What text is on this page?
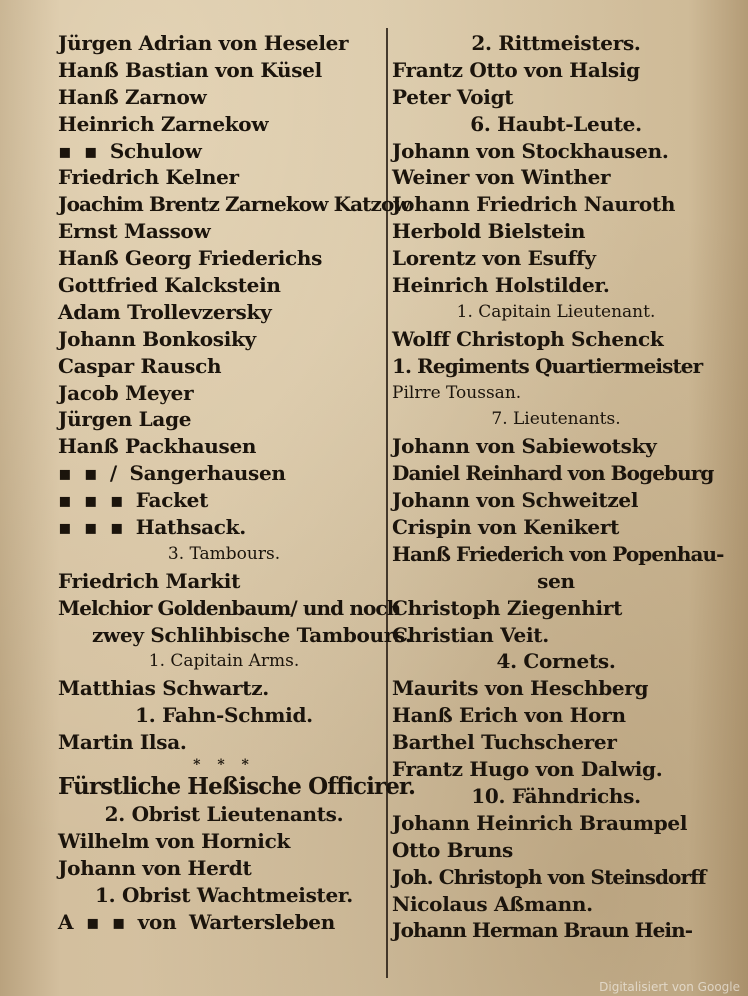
Jürgen Adrian von Heseler
Hanß Bastian von Küsel
Hanß Zarnow
Heinrich Zarnekow
▪ ▪ Schulow
Friedrich Kelner
Joachim Brentz Zarnekow Katzow
Ernst Massow
Hanß Georg Friederichs
Gottfried Kalckstein
Adam Trollevzersky
Johann Bonkosiky
Caspar Rausch
Jacob Meyer
Jürgen Lage
Hanß Packhausen
▪ ▪ / Sangerhausen
▪ ▪ ▪ Facket
▪ ▪ ▪ Hathsack.
3. Tambours.
Friedrich Markit
Melchior Goldenbaum/ und noch
zwey Schlihbische Tambours.
1. Capitain Arms.
Matthias Schwartz.
1. Fahn-Schmid.
Martin Ilsa.
* * *
Fürstliche Heßische Officirer.
2. Obrist Lieutenants.
Wilhelm von Hornick
Johann von Herdt
1. Obrist Wachtmeister.
A ▪ ▪ von Wartersleben
2. Rittmeisters.
Frantz Otto von Halsig
Peter Voigt
6. Haubt-Leute.
Johann von Stockhausen.
Weiner von Winther
Johann Friedrich Nauroth
Herbold Bielstein
Lorentz von Esuffy
Heinrich Holstilder.
1. Capitain Lieutenant.
Wolff Christoph Schenck
1. Regiments Quartiermeister
Pilrre Toussan.
7. Lieutenants.
Johann von Sabiewotsky
Daniel Reinhard von Bogeburg
Johann von Schweitzel
Crispin von Kenikert
Hanß Friederich von Popenhau-
sen
Christoph Ziegenhirt
Christian Veit.
4. Cornets.
Maurits von Heschberg
Hanß Erich von Horn
Barthel Tuchscherer
Frantz Hugo von Dalwig.
10. Fähndrichs.
Johann Heinrich Braumpel
Otto Bruns
Joh. Christoph von Steinsdorff
Nicolaus Aßmann.
Johann Herman Braun Hein-
Digitalisiert von Google
